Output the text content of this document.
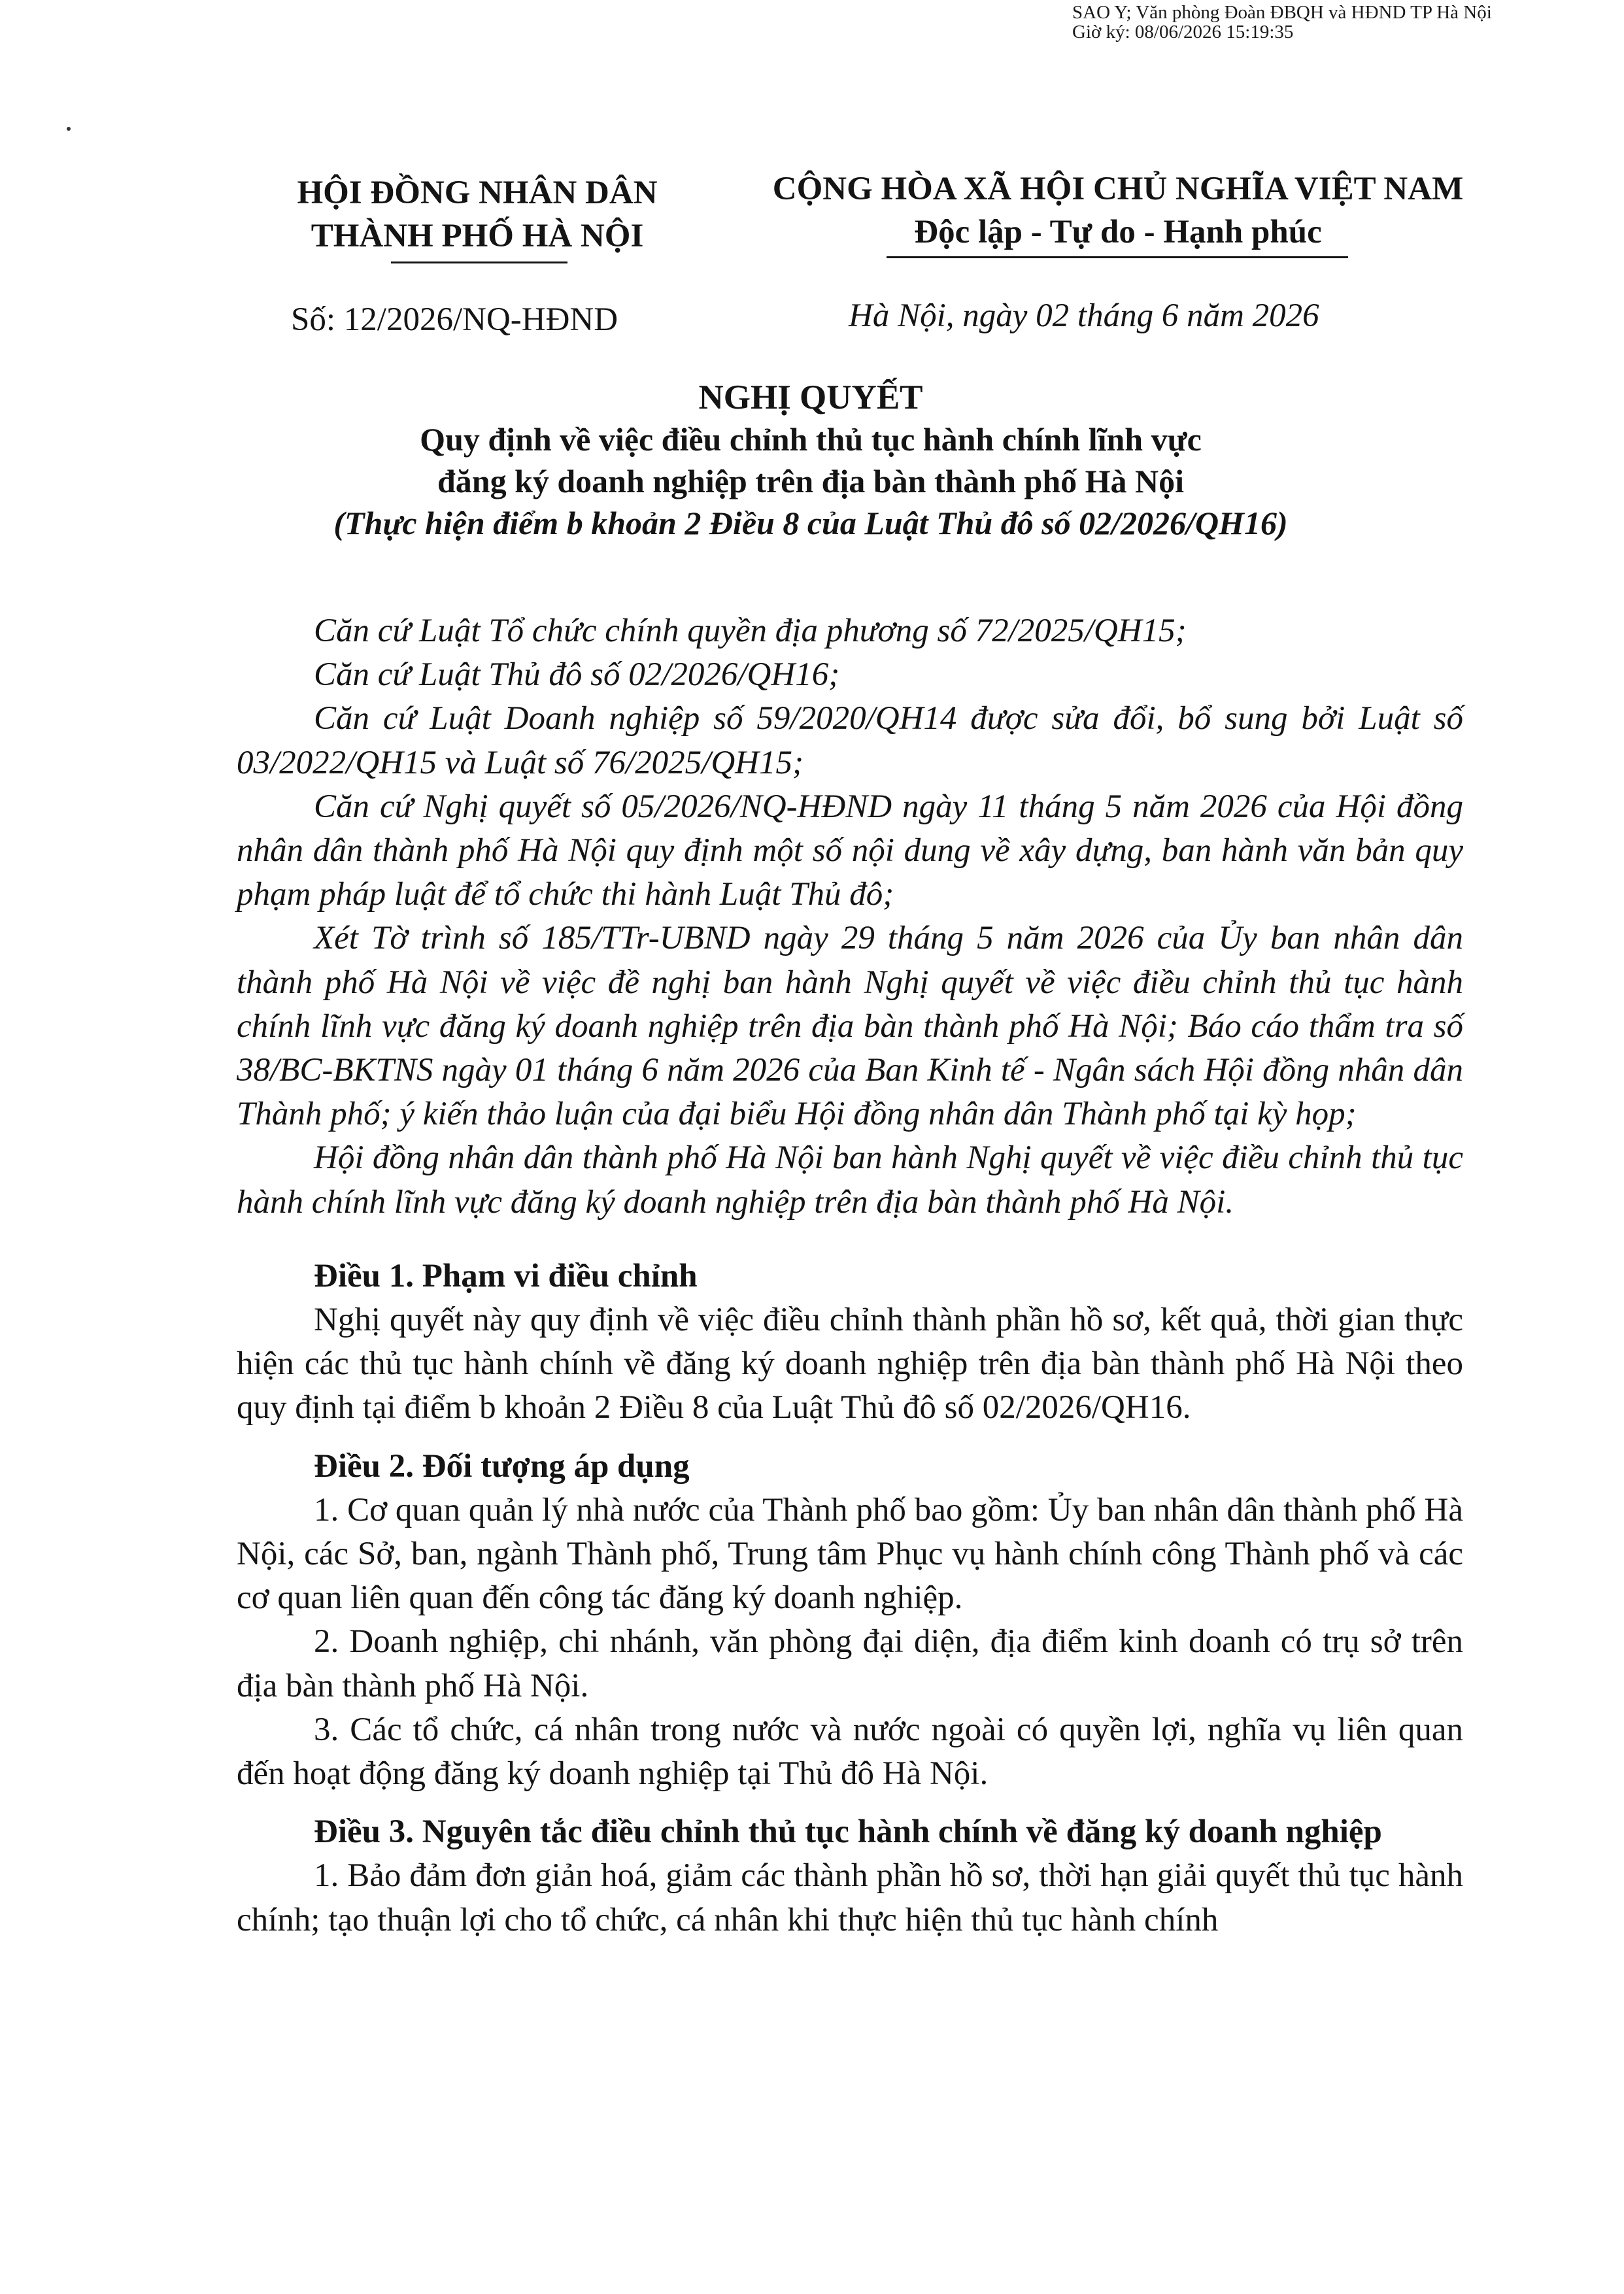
SAO Y; Văn phòng Đoàn ĐBQH và HĐND TP Hà Nội
Giờ ký: 08/06/2026 15:19:35
HỘI ĐỒNG NHÂN DÂN
THÀNH PHỐ HÀ NỘI
CỘNG HÒA XÃ HỘI CHỦ NGHĨA VIỆT NAM
Độc lập - Tự do - Hạnh phúc
Số: 12/2026/NQ-HĐND	Hà Nội, ngày 02 tháng 6 năm 2026
NGHỊ QUYẾT
Quy định về việc điều chỉnh thủ tục hành chính lĩnh vực
đăng ký doanh nghiệp trên địa bàn thành phố Hà Nội
(Thực hiện điểm b khoản 2 Điều 8 của Luật Thủ đô số 02/2026/QH16)

Căn cứ Luật Tổ chức chính quyền địa phương số 72/2025/QH15;

Căn cứ Luật Thủ đô số 02/2026/QH16;

Căn cứ Luật Doanh nghiệp số 59/2020/QH14 được sửa đổi, bổ sung bởi Luật số 03/2022/QH15 và Luật số 76/2025/QH15;

Căn cứ Nghị quyết số 05/2026/NQ-HĐND ngày 11 tháng 5 năm 2026 của Hội đồng nhân dân thành phố Hà Nội quy định một số nội dung về xây dựng, ban hành văn bản quy phạm pháp luật để tổ chức thi hành Luật Thủ đô;

Xét Tờ trình số 185/TTr-UBND ngày 29 tháng 5 năm 2026 của Ủy ban nhân dân thành phố Hà Nội về việc đề nghị ban hành Nghị quyết về việc điều chỉnh thủ tục hành chính lĩnh vực đăng ký doanh nghiệp trên địa bàn thành phố Hà Nội; Báo cáo thẩm tra số 38/BC-BKTNS ngày 01 tháng 6 năm 2026 của Ban Kinh tế - Ngân sách Hội đồng nhân dân Thành phố; ý kiến thảo luận của đại biểu Hội đồng nhân dân Thành phố tại kỳ họp;

Hội đồng nhân dân thành phố Hà Nội ban hành Nghị quyết về việc điều chỉnh thủ tục hành chính lĩnh vực đăng ký doanh nghiệp trên địa bàn thành phố Hà Nội.

Điều 1. Phạm vi điều chỉnh

Nghị quyết này quy định về việc điều chỉnh thành phần hồ sơ, kết quả, thời gian thực hiện các thủ tục hành chính về đăng ký doanh nghiệp trên địa bàn thành phố Hà Nội theo quy định tại điểm b khoản 2 Điều 8 của Luật Thủ đô số 02/2026/QH16.

Điều 2. Đối tượng áp dụng

1. Cơ quan quản lý nhà nước của Thành phố bao gồm: Ủy ban nhân dân thành phố Hà Nội, các Sở, ban, ngành Thành phố, Trung tâm Phục vụ hành chính công Thành phố và các cơ quan liên quan đến công tác đăng ký doanh nghiệp.

2. Doanh nghiệp, chi nhánh, văn phòng đại diện, địa điểm kinh doanh có trụ sở trên địa bàn thành phố Hà Nội.

3. Các tổ chức, cá nhân trong nước và nước ngoài có quyền lợi, nghĩa vụ liên quan đến hoạt động đăng ký doanh nghiệp tại Thủ đô Hà Nội.

Điều 3. Nguyên tắc điều chỉnh thủ tục hành chính về đăng ký doanh nghiệp

1. Bảo đảm đơn giản hoá, giảm các thành phần hồ sơ, thời hạn giải quyết thủ tục hành chính; tạo thuận lợi cho tổ chức, cá nhân khi thực hiện thủ tục hành chính
